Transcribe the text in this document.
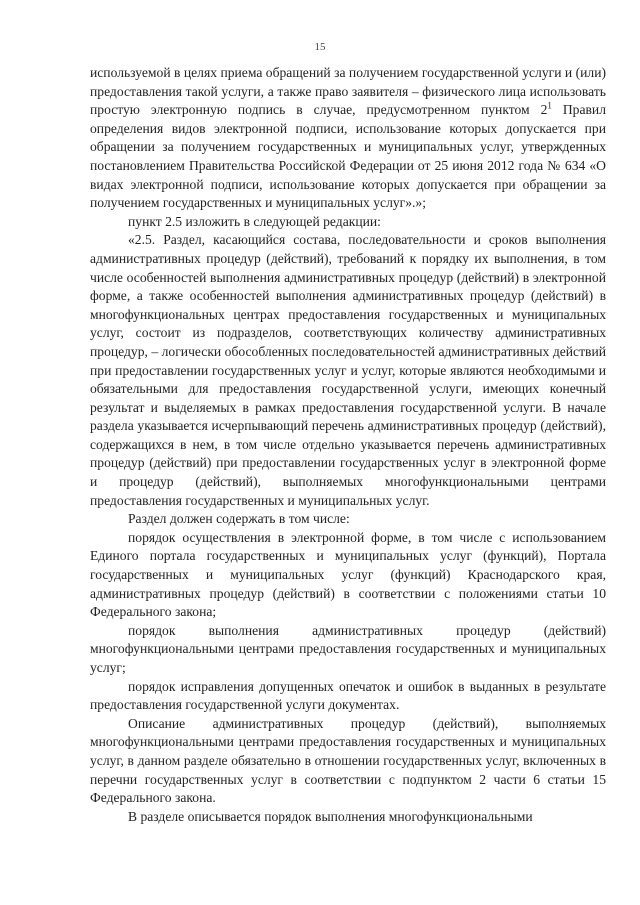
15

используемой в целях приема обращений за получением государственной услуги и (или) предоставления такой услуги, а также право заявителя – физического лица использовать простую электронную подпись в случае, предусмотренном пунктом $2^1$ Правил определения видов электронной подписи, использование которых допускается при обращении за получением государственных и муниципальных услуг, утвержденных постановлением Правительства Российской Федерации от 25 июня 2012 года № 634 «О видах электронной подписи, использование которых допускается при обращении за получением государственных и муниципальных услуг».»;

пункт 2.5 изложить в следующей редакции:

«2.5. Раздел, касающийся состава, последовательности и сроков выполнения административных процедур (действий), требований к порядку их выполнения, в том числе особенностей выполнения административных процедур (действий) в электронной форме, а также особенностей выполнения административных процедур (действий) в многофункциональных центрах предоставления государственных и муниципальных услуг, состоит из подразделов, соответствующих количеству административных процедур, – логически обособленных последовательностей административных действий при предоставлении государственных услуг и услуг, которые являются необходимыми и обязательными для предоставления государственной услуги, имеющих конечный результат и выделяемых в рамках предоставления государственной услуги. В начале раздела указывается исчерпывающий перечень административных процедур (действий), содержащихся в нем, в том числе отдельно указывается перечень административных процедур (действий) при предоставлении государственных услуг в электронной форме и процедур (действий), выполняемых многофункциональными центрами предоставления государственных и муниципальных услуг.

Раздел должен содержать в том числе:

порядок осуществления в электронной форме, в том числе с использованием Единого портала государственных и муниципальных услуг (функций), Портала государственных и муниципальных услуг (функций) Краснодарского края, административных процедур (действий) в соответствии с положениями статьи 10 Федерального закона;

порядок выполнения административных процедур (действий) многофункциональными центрами предоставления государственных и муниципальных услуг;

порядок исправления допущенных опечаток и ошибок в выданных в результате предоставления государственной услуги документах.

Описание административных процедур (действий), выполняемых многофункциональными центрами предоставления государственных и муниципальных услуг, в данном разделе обязательно в отношении государственных услуг, включенных в перечни государственных услуг в соответствии с подпунктом 2 части 6 статьи 15 Федерального закона.

В разделе описывается порядок выполнения многофункциональными
